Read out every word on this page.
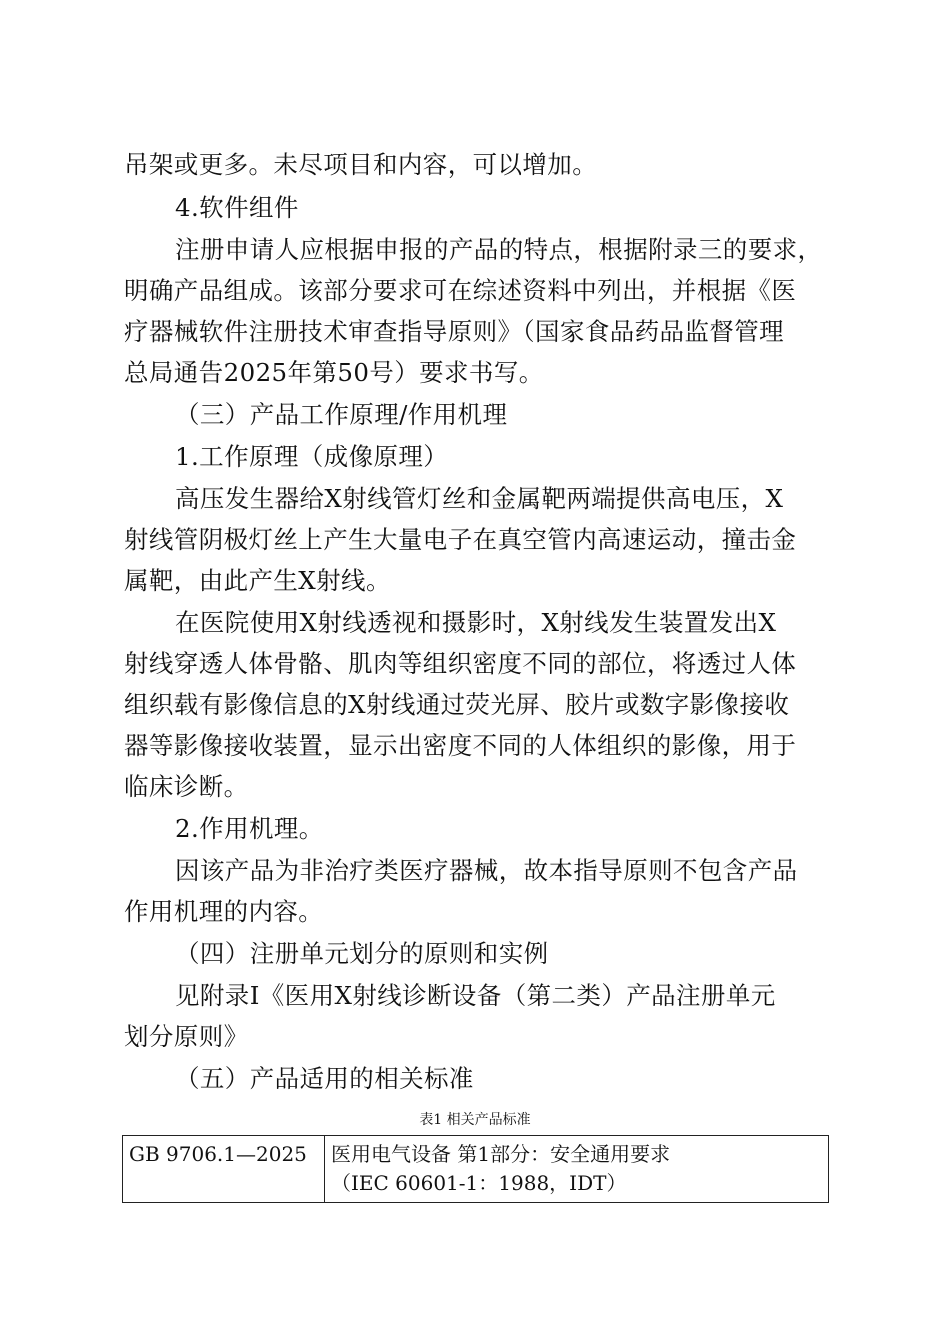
吊架或更多。未尽项目和内容，可以增加。
4.软件组件
注册申请人应根据申报的产品的特点，根据附录三的要求，
明确产品组成。该部分要求可在综述资料中列出，并根据《医
疗器械软件注册技术审查指导原则》（国家食品药品监督管理
总局通告2025年第50号）要求书写。
（三）产品工作原理/作用机理
1.工作原理（成像原理）
高压发生器给X射线管灯丝和金属靶两端提供高电压，X
射线管阴极灯丝上产生大量电子在真空管内高速运动，撞击金
属靶，由此产生X射线。
在医院使用X射线透视和摄影时，X射线发生装置发出X
射线穿透人体骨骼、肌肉等组织密度不同的部位，将透过人体
组织载有影像信息的X射线通过荧光屏、胶片或数字影像接收
器等影像接收装置，显示出密度不同的人体组织的影像，用于
临床诊断。
2.作用机理。
因该产品为非治疗类医疗器械，故本指导原则不包含产品
作用机理的内容。
（四）注册单元划分的原则和实例
见附录Ⅰ《医用X射线诊断设备（第二类）产品注册单元
划分原则》
（五）产品适用的相关标准
表1 相关产品标准
GB 9706.1—2025	医用电气设备 第1部分：安全通用要求
（IEC 60601-1：1988，IDT）
